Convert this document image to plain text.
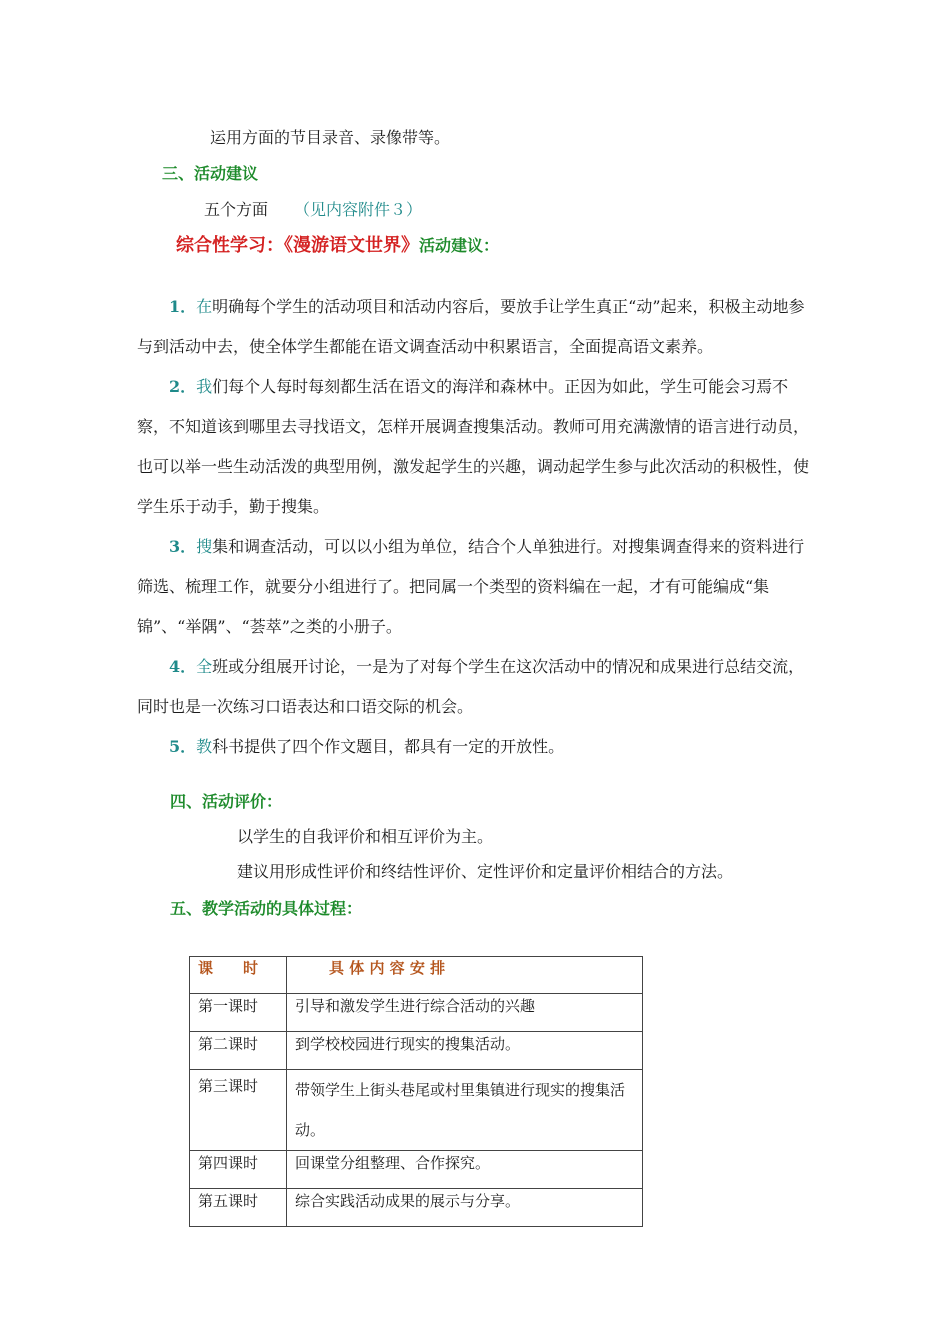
运用方面的节目录音、录像带等。
三、活动建议
五个方面 （见内容附件３）
综合性学习：《漫游语文世界》活动建议：

1．在明确每个学生的活动项目和活动内容后，要放手让学生真正“动”起来，积极主动地参与到活动中去，使全体学生都能在语文调查活动中积累语言，全面提高语文素养。

2．我们每个人每时每刻都生活在语文的海洋和森林中。正因为如此，学生可能会习焉不察，不知道该到哪里去寻找语文，怎样开展调查搜集活动。教师可用充满激情的语言进行动员，也可以举一些生动活泼的典型用例，激发起学生的兴趣，调动起学生参与此次活动的积极性，使学生乐于动手，勤于搜集。

3．搜集和调查活动，可以以小组为单位，结合个人单独进行。对搜集调查得来的资料进行筛选、梳理工作，就要分小组进行了。把同属一个类型的资料编在一起，才有可能编成“集锦”、“举隅”、“荟萃”之类的小册子。

4．全班或分组展开讨论，一是为了对每个学生在这次活动中的情况和成果进行总结交流，同时也是一次练习口语表达和口语交际的机会。

5．教科书提供了四个作文题目，都具有一定的开放性。

四、活动评价：
以学生的自我评价和相互评价为主。
建议用形成性评价和终结性评价、定性评价和定量评价相结合的方法。
五、教学活动的具体过程：
课　　时	具 体 内 容 安 排
第一课时	引导和激发学生进行综合活动的兴趣
第二课时	到学校校园进行现实的搜集活动。
第三课时	带领学生上街头巷尾或村里集镇进行现实的搜集活动。
第四课时	回课堂分组整理、合作探究。
第五课时	综合实践活动成果的展示与分享。
